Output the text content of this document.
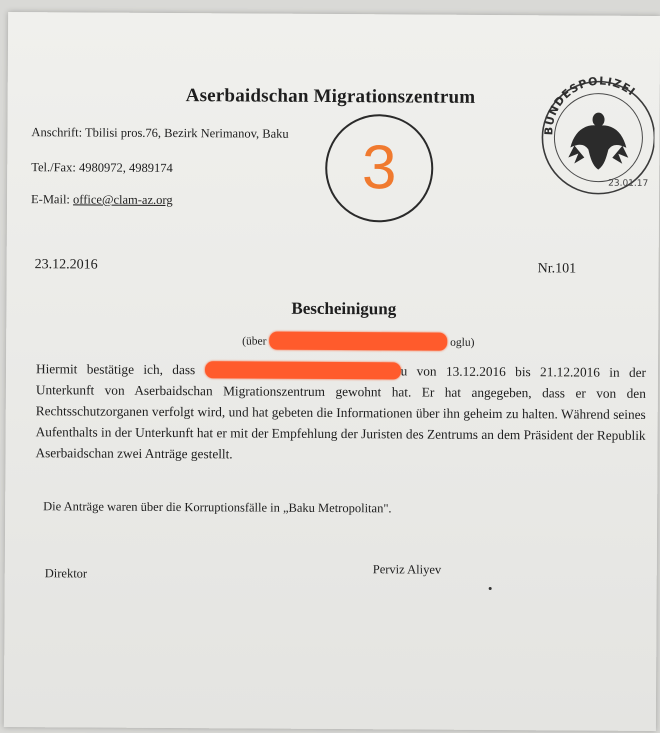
Aserbaidschan Migrationszentrum
Anschrift: Tbilisi pros.76, Bezirk Nerimanov, Baku
Tel./Fax: 4980972, 4989174
E-Mail: office@clam-az.org	3
BUNDESPOLIZEI
23.01.17
23.12.2016	Nr.101
Bescheinigung
(über	oglu)

Hiermit bestätige ich, dass	u von 13.12.2016 bis 21.12.2016 in der Unterkunft von Aserbaidschan Migrationszentrum gewohnt hat. Er hat angegeben, dass er von den Rechtsschutzorganen verfolgt wird, und hat gebeten die Informationen über ihn geheim zu halten. Während seines Aufenthalts in der Unterkunft hat er mit der Empfehlung der Juristen des Zentrums an dem Präsident der Republik Aserbaidschan zwei Anträge gestellt.

Die Anträge waren über die Korruptionsfälle in „Baku Metropolitan".
Direktor	Perviz Aliyev
